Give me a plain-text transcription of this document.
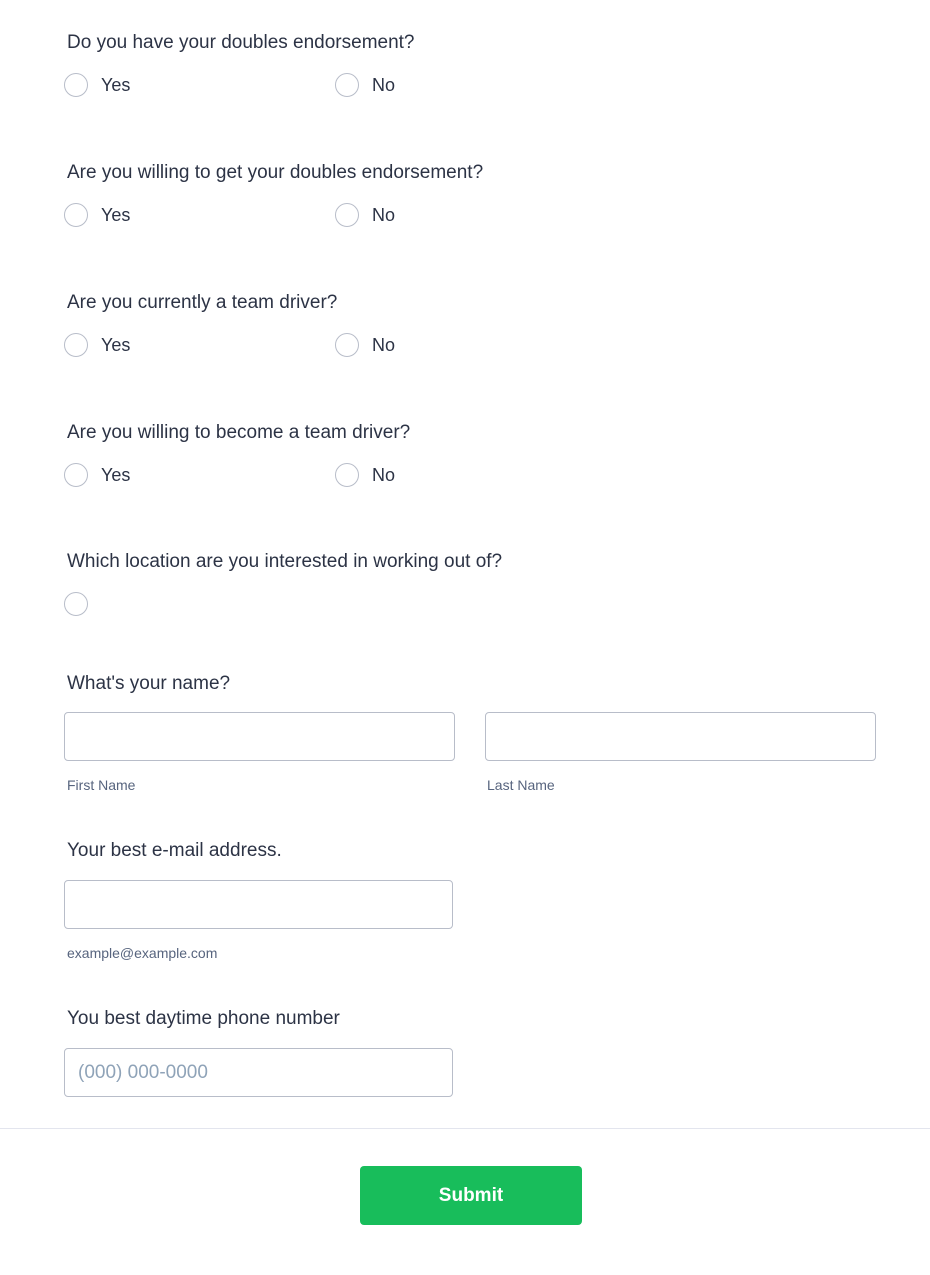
Do you have your doubles endorsement?
Yes	No
Are you willing to get your doubles endorsement?
Yes	No
Are you currently a team driver?
Yes	No
Are you willing to become a team driver?
Yes	No
Which location are you interested in working out of?
What's your name?
First Name	Last Name
Your best e-mail address.
example@example.com
You best daytime phone number
(000) 000-0000
Submit
